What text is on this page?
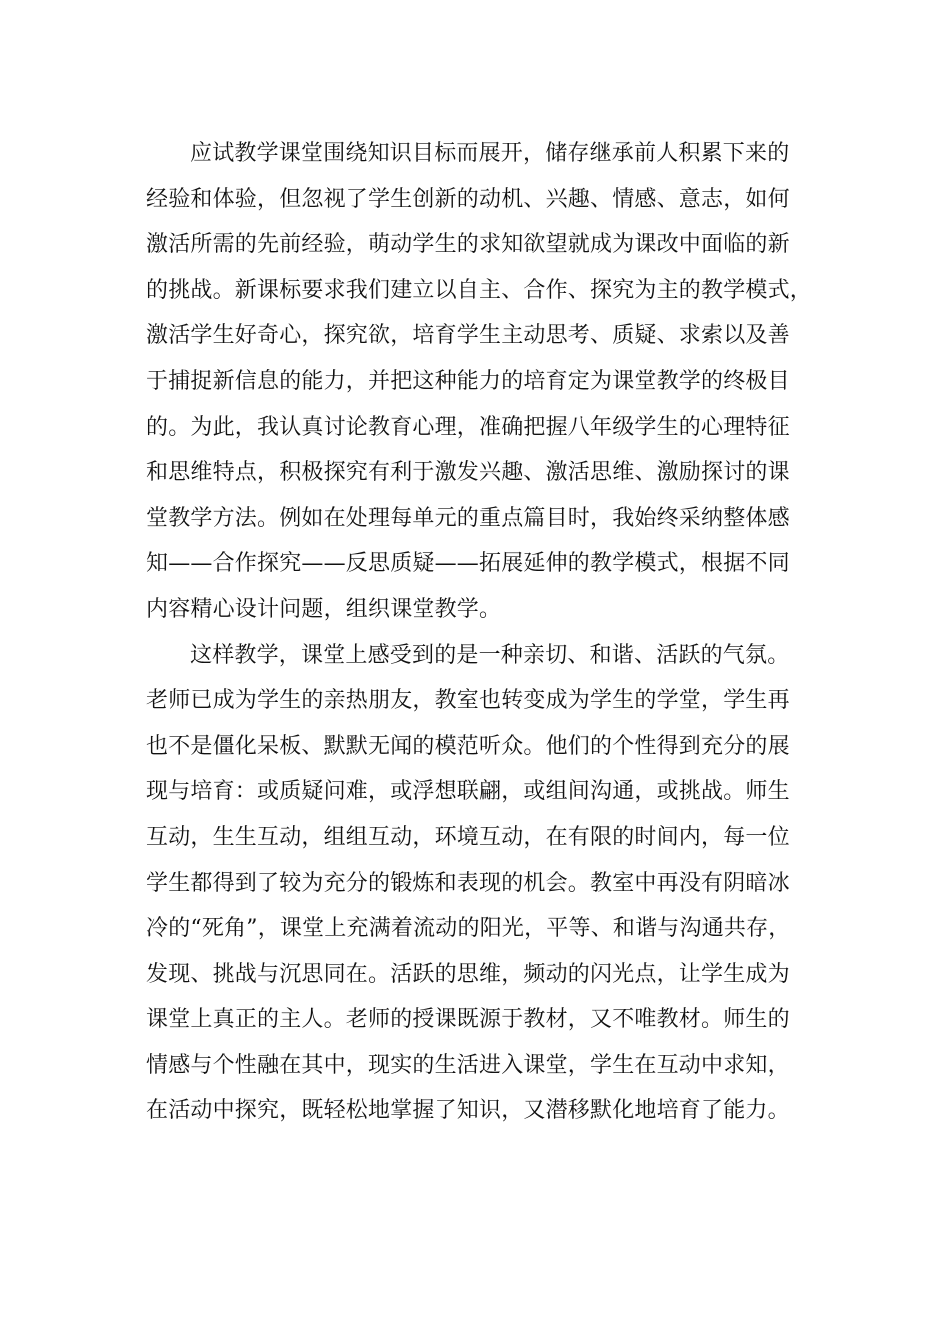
应试教学课堂围绕知识目标而展开，储存继承前人积累下来的
经验和体验，但忽视了学生创新的动机、兴趣、情感、意志，如何
激活所需的先前经验，萌动学生的求知欲望就成为课改中面临的新
的挑战。新课标要求我们建立以自主、合作、探究为主的教学模式，
激活学生好奇心，探究欲，培育学生主动思考、质疑、求索以及善
于捕捉新信息的能力，并把这种能力的培育定为课堂教学的终极目
的。为此，我认真讨论教育心理，准确把握八年级学生的心理特征
和思维特点，积极探究有利于激发兴趣、激活思维、激励探讨的课
堂教学方法。例如在处理每单元的重点篇目时，我始终采纳整体感
知——合作探究——反思质疑——拓展延伸的教学模式，根据不同
内容精心设计问题，组织课堂教学。
这样教学，课堂上感受到的是一种亲切、和谐、活跃的气氛。
老师已成为学生的亲热朋友，教室也转变成为学生的学堂，学生再
也不是僵化呆板、默默无闻的模范听众。他们的个性得到充分的展
现与培育：或质疑问难，或浮想联翩，或组间沟通，或挑战。师生
互动，生生互动，组组互动，环境互动，在有限的时间内，每一位
学生都得到了较为充分的锻炼和表现的机会。教室中再没有阴暗冰
冷的“死角”，课堂上充满着流动的阳光，平等、和谐与沟通共存，
发现、挑战与沉思同在。活跃的思维，频动的闪光点，让学生成为
课堂上真正的主人。老师的授课既源于教材，又不唯教材。师生的
情感与个性融在其中，现实的生活进入课堂，学生在互动中求知，
在活动中探究，既轻松地掌握了知识，又潜移默化地培育了能力。
